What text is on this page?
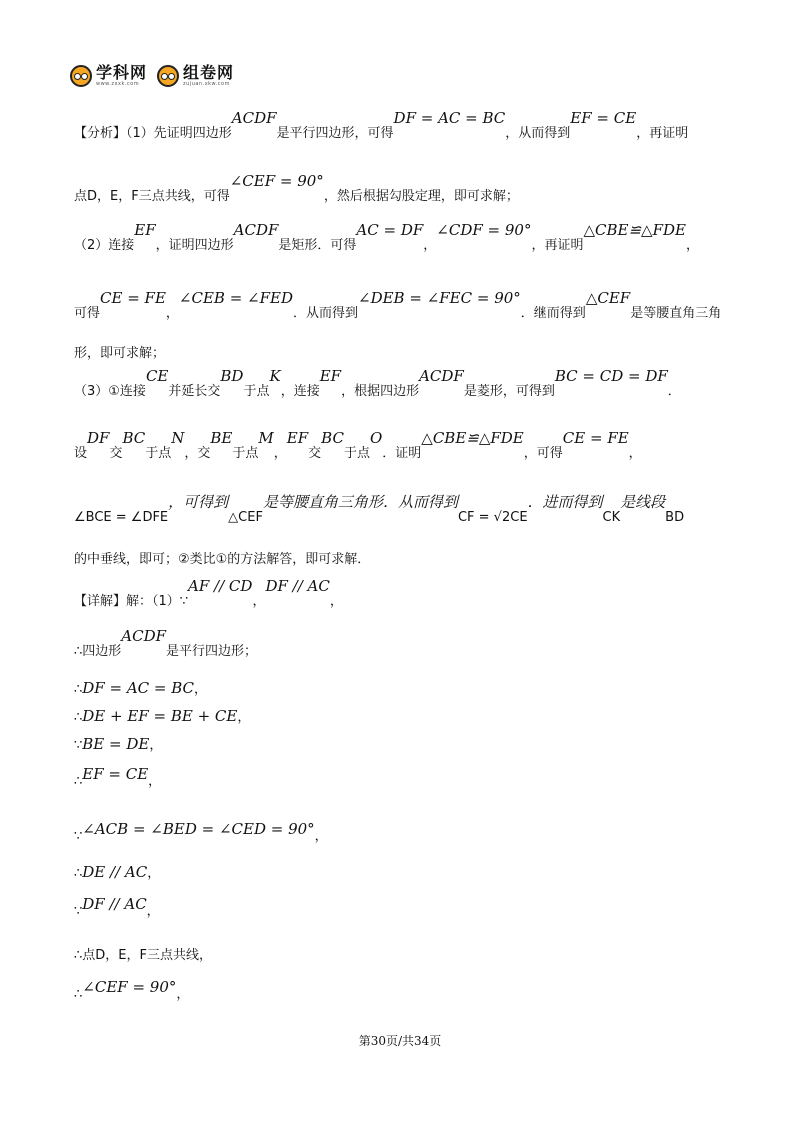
学科网
www.zxxk.com
组卷网
zujuan.xkw.com
【分析】（1）先证明四边形ACDF是平行四边形，可得DF = AC = BC，从而得到EF = CE，再证明
点D，E，F三点共线，可得∠CEF = 90°，然后根据勾股定理，即可求解；
（2）连接EF，证明四边形ACDF是矩形．可得AC = DF，∠CDF = 90°，再证明△CBE≌△FDE，
可得CE = FE，∠CEB = ∠FED．从而得到∠DEB = ∠FEC = 90°．继而得到△CEF是等腰直角三角
形，即可求解；
（3）①连接CE并延长交BD于点K，连接EF，根据四边形ACDF是菱形，可得到BC = CD = DF．
设DF交BC于点N，交BE于点M，EF交BC于点O．证明△CBE≌△FDE，可得CE = FE，
∠BCE = ∠DFE，可得到△CEF是等腰直角三角形．从而得到CF = √2CE．进而得到CK是线段BD
的中垂线，即可；②类比①的方法解答，即可求解．
【详解】解：（1）∵AF // CD，DF // AC，
∴四边形ACDF是平行四边形；
∴DF = AC = BC，
∴DE + EF = BE + CE，
∵BE = DE，
∴EF = CE，
∵∠ACB = ∠BED = ∠CED = 90°，
∴DE // AC，
∵DF // AC，
∴点D，E，F三点共线，
∴∠CEF = 90°，
第30页/共34页
